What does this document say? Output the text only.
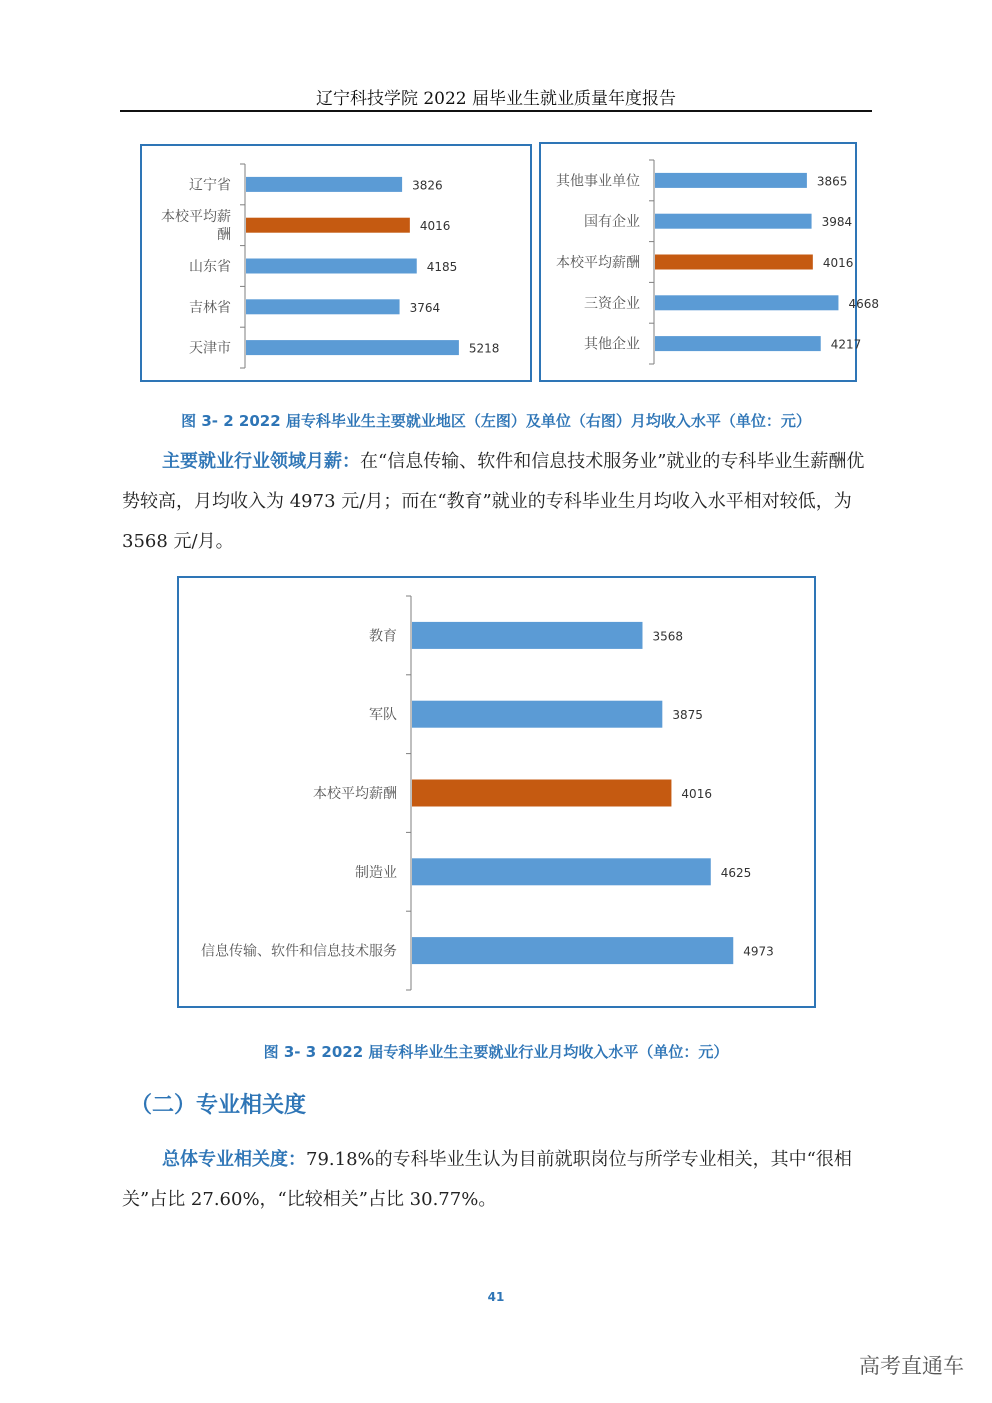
辽宁科技学院 2022 届毕业生就业质量年度报告
3826
辽宁省
4016
本校平均薪酬
4185
山东省
3764
吉林省
5218
天津市
3865
其他事业单位
3984
国有企业
4016
本校平均薪酬
4668
三资企业
4217
其他企业
图 3- 2 2022 届专科毕业生主要就业地区（左图）及单位（右图）月均收入水平（单位：元）
主要就业行业领域月薪：在“信息传输、软件和信息技术服务业”就业的专科毕业生薪酬优势较高，月均收入为 4973 元/月；而在“教育”就业的专科毕业生月均收入水平相对较低，为 3568 元/月。
3568
教育
3875
军队
4016
本校平均薪酬
4625
制造业
4973
信息传输、软件和信息技术服务
图 3- 3 2022 届专科毕业生主要就业行业月均收入水平（单位：元）
（二）专业相关度
总体专业相关度：79.18%的专科毕业生认为目前就职岗位与所学专业相关，其中“很相关”占比 27.60%，“比较相关”占比 30.77%。
41
高考直通车
